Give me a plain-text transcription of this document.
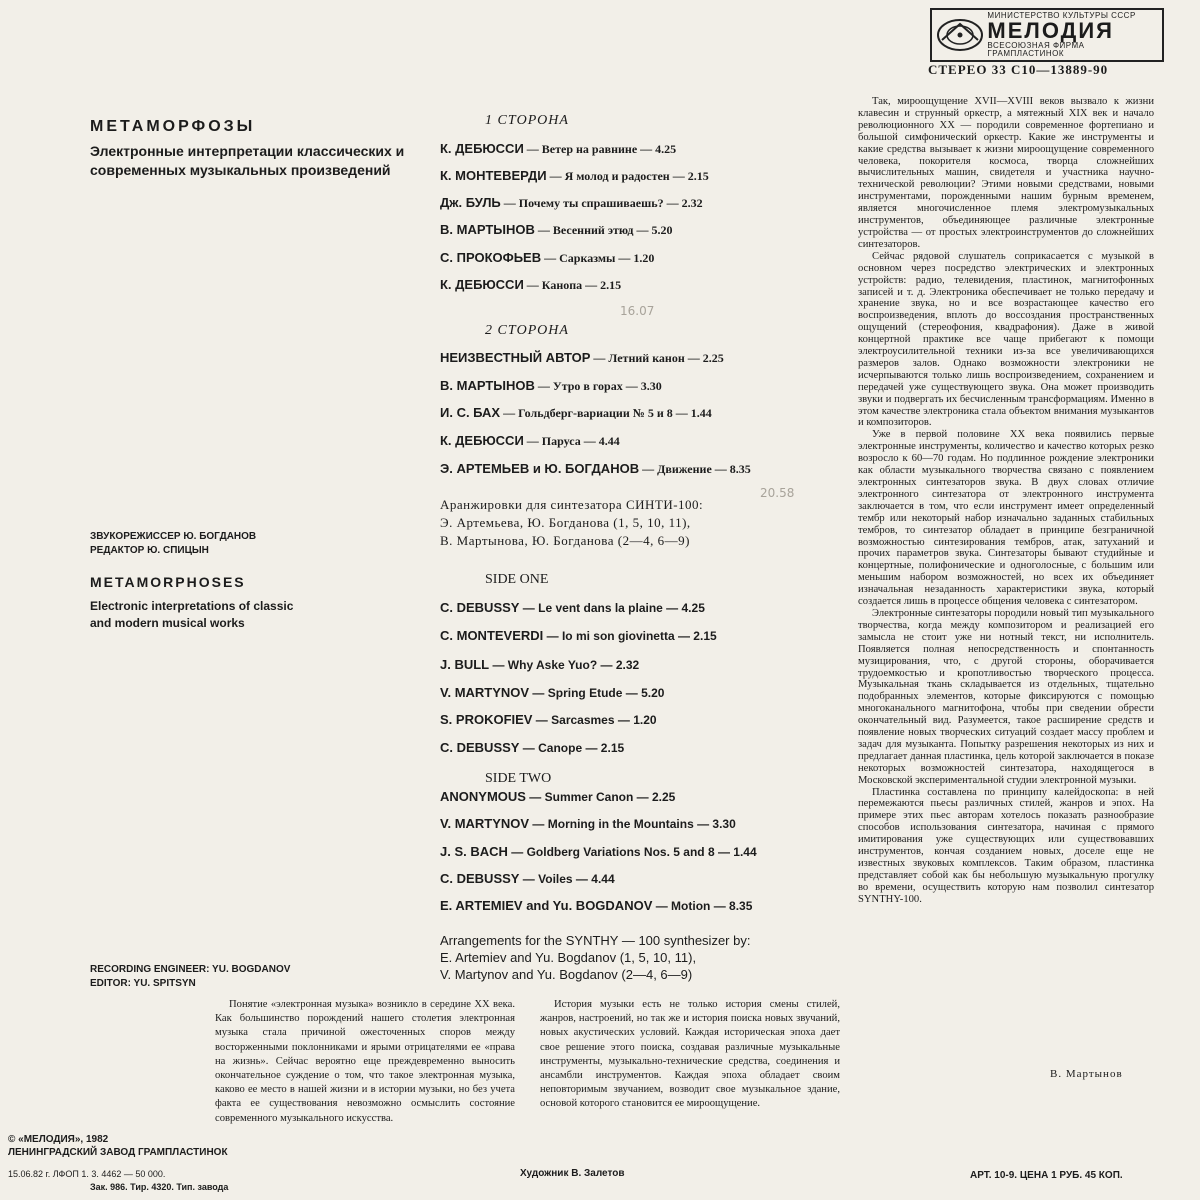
МИНИСТЕРСТВО КУЛЬТУРЫ СССР
МЕЛОДИЯ
ВСЕСОЮЗНАЯ ФИРМА ГРАМПЛАСТИНОК
СТЕРЕО 33 С10—13889-90
МЕТАМОРФОЗЫ
Электронные интерпретации классических и современных музыкальных произведений
1 СТОРОНА
К. ДЕБЮССИ — Ветер на равнине — 4.25
К. МОНТЕВЕРДИ — Я молод и радостен — 2.15
Дж. БУЛЬ — Почему ты спрашиваешь? — 2.32
В. МАРТЫНОВ — Весенний этюд — 5.20
С. ПРОКОФЬЕВ — Сарказмы — 1.20
К. ДЕБЮССИ — Канопа — 2.15
16.07
2 СТОРОНА
НЕИЗВЕСТНЫЙ АВТОР — Летний канон — 2.25
В. МАРТЫНОВ — Утро в горах — 3.30
И. С. БАХ — Гольдберг-вариации № 5 и 8 — 1.44
К. ДЕБЮССИ — Паруса — 4.44
Э. АРТЕМЬЕВ и Ю. БОГДАНОВ — Движение — 8.35
20.58
Аранжировки для синтезатора СИНТИ-100:
Э. Артемьева, Ю. Богданова (1, 5, 10, 11),
В. Мартынова, Ю. Богданова (2—4, 6—9)
ЗВУКОРЕЖИССЕР Ю. БОГДАНОВ
РЕДАКТОР Ю. СПИЦЫН
METAMORPHOSES
Electronic interpretations of classic and modern musical works
SIDE ONE
C. DEBUSSY — Le vent dans la plaine — 4.25
C. MONTEVERDI — Io mi son giovinetta — 2.15
J. BULL — Why Aske Yuo? — 2.32
V. MARTYNOV — Spring Etude — 5.20
S. PROKOFIEV — Sarcasmes — 1.20
C. DEBUSSY — Canope — 2.15
SIDE TWO
ANONYMOUS — Summer Canon — 2.25
V. MARTYNOV — Morning in the Mountains — 3.30
J. S. BACH — Goldberg Variations Nos. 5 and 8 — 1.44
C. DEBUSSY — Voiles — 4.44
E. ARTEMIEV and Yu. BOGDANOV — Motion — 8.35
Arrangements for the SYNTHY — 100 synthesizer by:
E. Artemiev and Yu. Bogdanov (1, 5, 10, 11),
V. Martynov and Yu. Bogdanov (2—4, 6—9)
RECORDING ENGINEER: YU. BOGDANOV
EDITOR: YU. SPITSYN

Так, мироощущение XVII—XVIII веков вызвало к жизни клавесин и струнный оркестр, а мятежный XIX век и начало революционного XX — породили современное фортепиано и большой симфонический оркестр. Какие же инструменты и какие средства вызывает к жизни мироощущение современного человека, покорителя космоса, творца сложнейших вычислительных машин, свидетеля и участника научно-технической революции? Этими новыми средствами, новыми инструментами, порожденными нашим бурным временем, является многочисленное племя электромузыкальных инструментов, объединяющее различные электронные устройства — от простых электроинструментов до сложнейших синтезаторов.

Сейчас рядовой слушатель соприкасается с музыкой в основном через посредство электрических и электронных устройств: радио, телевидения, пластинок, магнитофонных записей и т. д. Электроника обеспечивает не только передачу и хранение звука, но и все возрастающее качество его воспроизведения, вплоть до воссоздания пространственных ощущений (стереофония, квадрафония). Даже в живой концертной практике все чаще прибегают к помощи электроусилительной техники из-за все увеличивающихся размеров залов. Однако возможности электроники не исчерпываются только лишь воспроизведением, сохранением и передачей уже существующего звука. Она может производить звуки и подвергать их бесчисленным трансформациям. Именно в этом качестве электроника стала объектом внимания музыкантов и композиторов.

Уже в первой половине XX века появились первые электронные инструменты, количество и качество которых резко возросло к 60—70 годам. Но подлинное рождение электроники как области музыкального творчества связано с появлением электронных синтезаторов звука. В двух словах отличие электронного синтезатора от электронного инструмента заключается в том, что если инструмент имеет определенный тембр или некоторый набор изначально заданных стабильных тембров, то синтезатор обладает в принципе безграничной возможностью синтезирования тембров, атак, затуханий и прочих параметров звука. Синтезаторы бывают студийные и концертные, полифонические и одноголосные, с большим или меньшим набором возможностей, но всех их объединяет изначальная незаданность характеристики звука, который создается лишь в процессе общения человека с синтезатором.

Электронные синтезаторы породили новый тип музыкального творчества, когда между композитором и реализацией его замысла не стоит уже ни нотный текст, ни исполнитель. Появляется полная непосредственность и спонтанность музицирования, что, с другой стороны, оборачивается трудоемкостью и кропотливостью творческого процесса. Музыкальная ткань складывается из отдельных, тщательно подобранных элементов, которые фиксируются с помощью многоканального магнитофона, чтобы при сведении обрести окончательный вид. Разумеется, такое расширение средств и появление новых творческих ситуаций создает массу проблем и задач для музыканта. Попытку разрешения некоторых из них и предлагает данная пластинка, цель которой заключается в показе некоторых возможностей синтезатора, находящегося в Московской экспериментальной студии электронной музыки.

Пластинка составлена по принципу калейдоскопа: в ней перемежаются пьесы различных стилей, жанров и эпох. На примере этих пьес авторам хотелось показать разнообразие способов использования синтезатора, начиная с прямого имитирования уже существующих или существовавших инструментов, кончая созданием новых, доселе еще не известных звуковых комплексов. Таким образом, пластинка представляет собой как бы небольшую музыкальную прогулку во времени, осуществить которую нам позволил синтезатор SYNTHY-100.

В. Мартынов

Понятие «электронная музыка» возникло в середине XX века. Как большинство порождений нашего столетия электронная музыка стала причиной ожесточенных споров между восторженными поклонниками и ярыми отрицателями ее «права на жизнь». Сейчас вероятно еще преждевременно выносить окончательное суждение о том, что такое электронная музыка, каково ее место в нашей жизни и в истории музыки, но без учета факта ее существования невозможно осмыслить состояние современного музыкального искусства.

История музыки есть не только история смены стилей, жанров, настроений, но так же и история поиска новых звучаний, новых акустических условий. Каждая историческая эпоха дает свое решение этого поиска, создавая различные музыкальные инструменты, музыкально-технические средства, соединения и ансамбли инструментов. Каждая эпоха обладает своим неповторимым звучанием, возводит свое музыкальное здание, основой которого становится ее мироощущение.

© «МЕЛОДИЯ», 1982
ЛЕНИНГРАДСКИЙ ЗАВОД ГРАМПЛАСТИНОК
Художник В. Залетов
15.06.82 г. ЛФОП 1. 3. 4462 — 50 000.
Зак. 986. Тир. 4320. Тип. завода
АРТ. 10-9. ЦЕНА 1 РУБ. 45 КОП.
